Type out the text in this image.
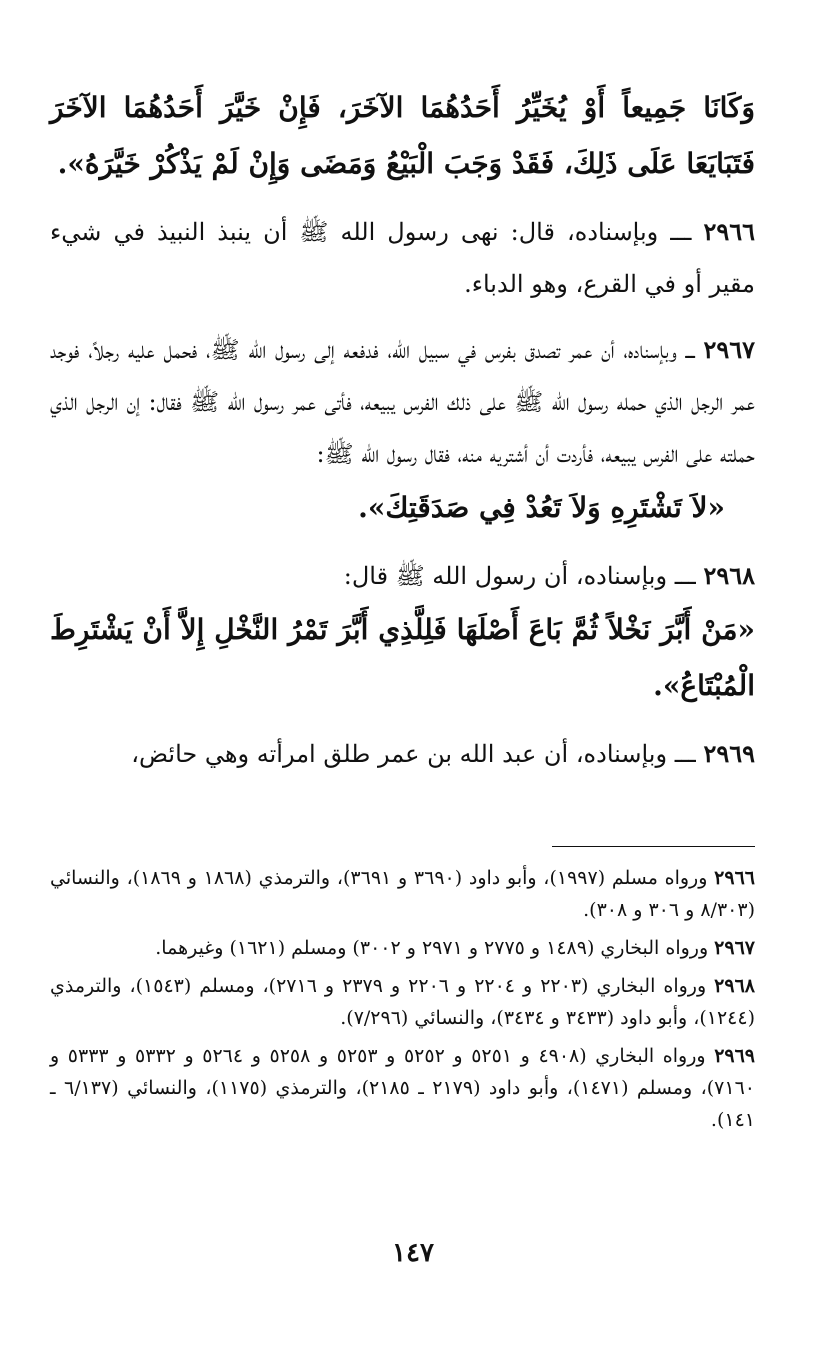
وَكَانَا جَمِيعاً أَوْ يُخَيِّرُ أَحَدُهُمَا الآخَرَ، فَإِنْ خَيَّرَ أَحَدُهُمَا الآخَرَ فَتَبَايَعَا عَلَى ذَلِكَ، فَقَدْ وَجَبَ الْبَيْعُ وَمَضَى وَإِنْ لَمْ يَذْكُرْ خَيَّرَهُ».

٢٩٦٦ ـــ وبإسناده، قال: نهى رسول الله ﷺ أن ينبذ النبيذ في شيء مقير أو في القرع، وهو الدباء.

٢٩٦٧ ـــ وبإسناده، أن عمر تصدق بفرس في سبيل الله، فدفعه إلى رسول الله ﷺ، فحمل عليه رجلاً، فوجد عمر الرجل الذي حمله رسول الله ﷺ على ذلك الفرس يبيعه، فأتى عمر رسول الله ﷺ فقال: إن الرجل الذي حملته على الفرس يبيعه، فأردت أن أشتريه منه، فقال رسول الله ﷺ:

«لاَ تَشْتَرِهِ وَلاَ تَعُدْ فِي صَدَقَتِكَ».

٢٩٦٨ ـــ وبإسناده، أن رسول الله ﷺ قال:

«مَنْ أَبَّرَ نَخْلاً ثُمَّ بَاعَ أَصْلَهَا فَلِلَّذِي أَبَّرَ تَمْرُ النَّخْلِ إِلاَّ أَنْ يَشْتَرِطَ الْمُبْتَاعُ».

٢٩٦٩ ـــ وبإسناده، أن عبد الله بن عمر طلق امرأته وهي حائض،

٢٩٦٦ ورواه مسلم (١٩٩٧)، وأبو داود (٣٦٩٠ و ٣٦٩١)، والترمذي (١٨٦٨ و ١٨٦٩)، والنسائي (٨/٣٠٣ و ٣٠٦ و ٣٠٨).

٢٩٦٧ ورواه البخاري (١٤٨٩ و ٢٧٧٥ و ٢٩٧١ و ٣٠٠٢) ومسلم (١٦٢١) وغيرهما.

٢٩٦٨ ورواه البخاري (٢٢٠٣ و ٢٢٠٤ و ٢٢٠٦ و ٢٣٧٩ و ٢٧١٦)، ومسلم (١٥٤٣)، والترمذي (١٢٤٤)، وأبو داود (٣٤٣٣ و ٣٤٣٤)، والنسائي (٧/٢٩٦).

٢٩٦٩ ورواه البخاري (٤٩٠٨ و ٥٢٥١ و ٥٢٥٢ و ٥٢٥٣ و ٥٢٥٨ و ٥٢٦٤ و ٥٣٣٢ و ٥٣٣٣ و ٧١٦٠)، ومسلم (١٤٧١)، وأبو داود (٢١٧٩ ـ ٢١٨٥)، والترمذي (١١٧٥)، والنسائي (٦/١٣٧ ـ ١٤١).

١٤٧
